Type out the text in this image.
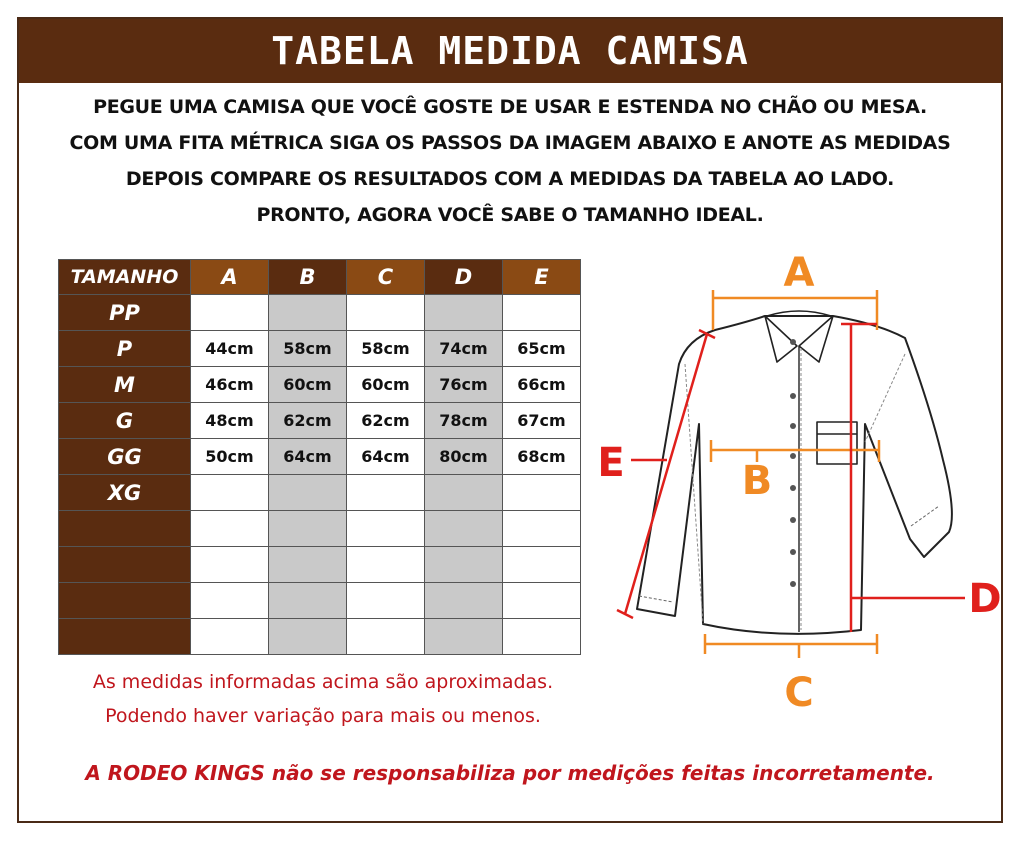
TABELA MEDIDA CAMISA
PEGUE UMA CAMISA QUE VOCÊ GOSTE DE USAR E ESTENDA NO CHÃO OU MESA.
COM UMA FITA MÉTRICA SIGA OS PASSOS DA IMAGEM ABAIXO E ANOTE AS MEDIDAS
DEPOIS COMPARE OS RESULTADOS COM A MEDIDAS DA TABELA AO LADO.
PRONTO, AGORA VOCÊ SABE O TAMANHO IDEAL.
TAMANHO	A	B	C	D	E
PP					
P	44cm	58cm	58cm	74cm	65cm
M	46cm	60cm	60cm	76cm	66cm
G	48cm	62cm	62cm	78cm	67cm
GG	50cm	64cm	64cm	80cm	68cm
XG					

As medidas informadas acima são aproximadas.
Podendo haver variação para mais ou menos.
A RODEO KINGS não se responsabiliza por medições feitas incorretamente.
A
B
C
D
E
